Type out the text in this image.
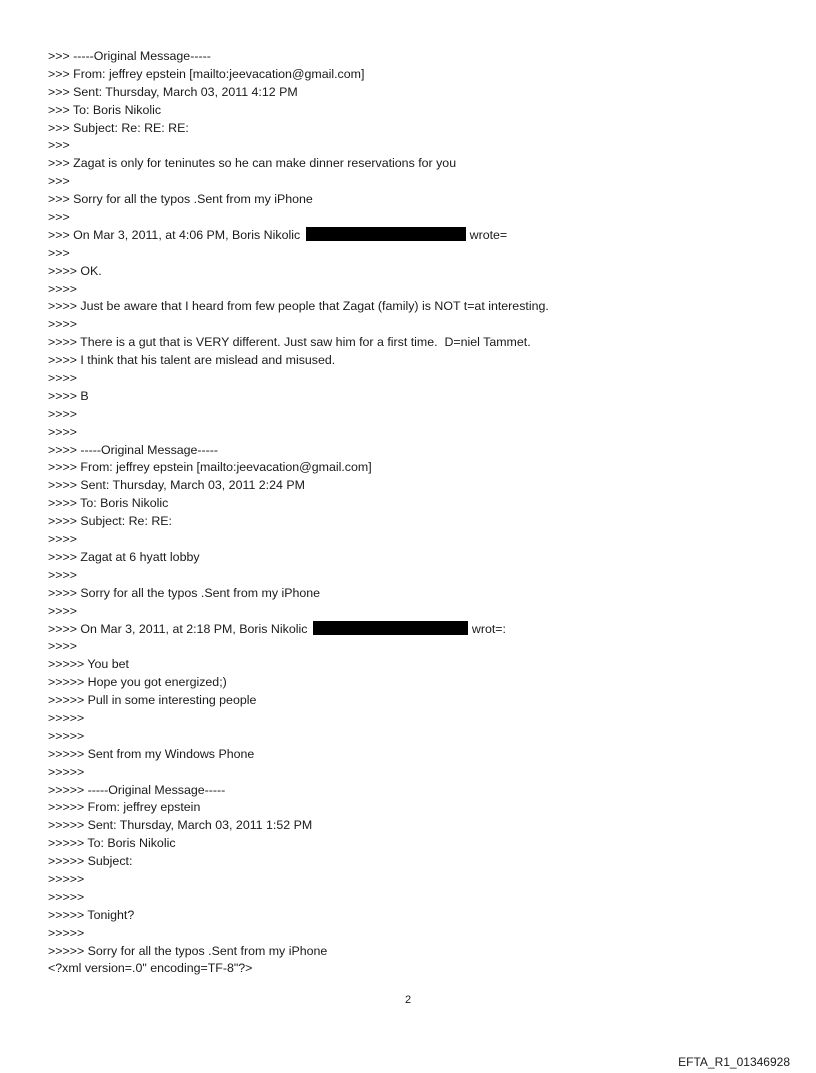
>>> -----Original Message-----
>>> From: jeffrey epstein [mailto:jeevacation@gmail.com]
>>> Sent: Thursday, March 03, 2011 4:12 PM
>>> To: Boris Nikolic
>>> Subject: Re: RE: RE:
>>>
>>> Zagat is only for teninutes so he can make dinner reservations for you
>>>
>>> Sorry for all the typos .Sent from my iPhone
>>>
>>> On Mar 3, 2011, at 4:06 PM, Boris Nikolic	wrote=
>>>
>>>> OK.
>>>>
>>>> Just be aware that I heard from few people that Zagat (family) is NOT t=at interesting.
>>>>
>>>> There is a gut that is VERY different. Just saw him for a first time.  D=niel Tammet.
>>>> I think that his talent are mislead and misused.
>>>>
>>>> B
>>>>
>>>>
>>>> -----Original Message-----
>>>> From: jeffrey epstein [mailto:jeevacation@gmail.com]
>>>> Sent: Thursday, March 03, 2011 2:24 PM
>>>> To: Boris Nikolic
>>>> Subject: Re: RE:
>>>>
>>>> Zagat at 6 hyatt lobby
>>>>
>>>> Sorry for all the typos .Sent from my iPhone
>>>>
>>>> On Mar 3, 2011, at 2:18 PM, Boris Nikolic	wrot=:
>>>>
>>>>> You bet
>>>>> Hope you got energized;)
>>>>> Pull in some interesting people
>>>>>
>>>>>
>>>>> Sent from my Windows Phone
>>>>>
>>>>> -----Original Message-----
>>>>> From: jeffrey epstein
>>>>> Sent: Thursday, March 03, 2011 1:52 PM
>>>>> To: Boris Nikolic
>>>>> Subject:
>>>>>
>>>>>
>>>>> Tonight?
>>>>>
>>>>> Sorry for all the typos .Sent from my iPhone
<?xml version=.0" encoding=TF-8"?>
2
EFTA_R1_01346928
